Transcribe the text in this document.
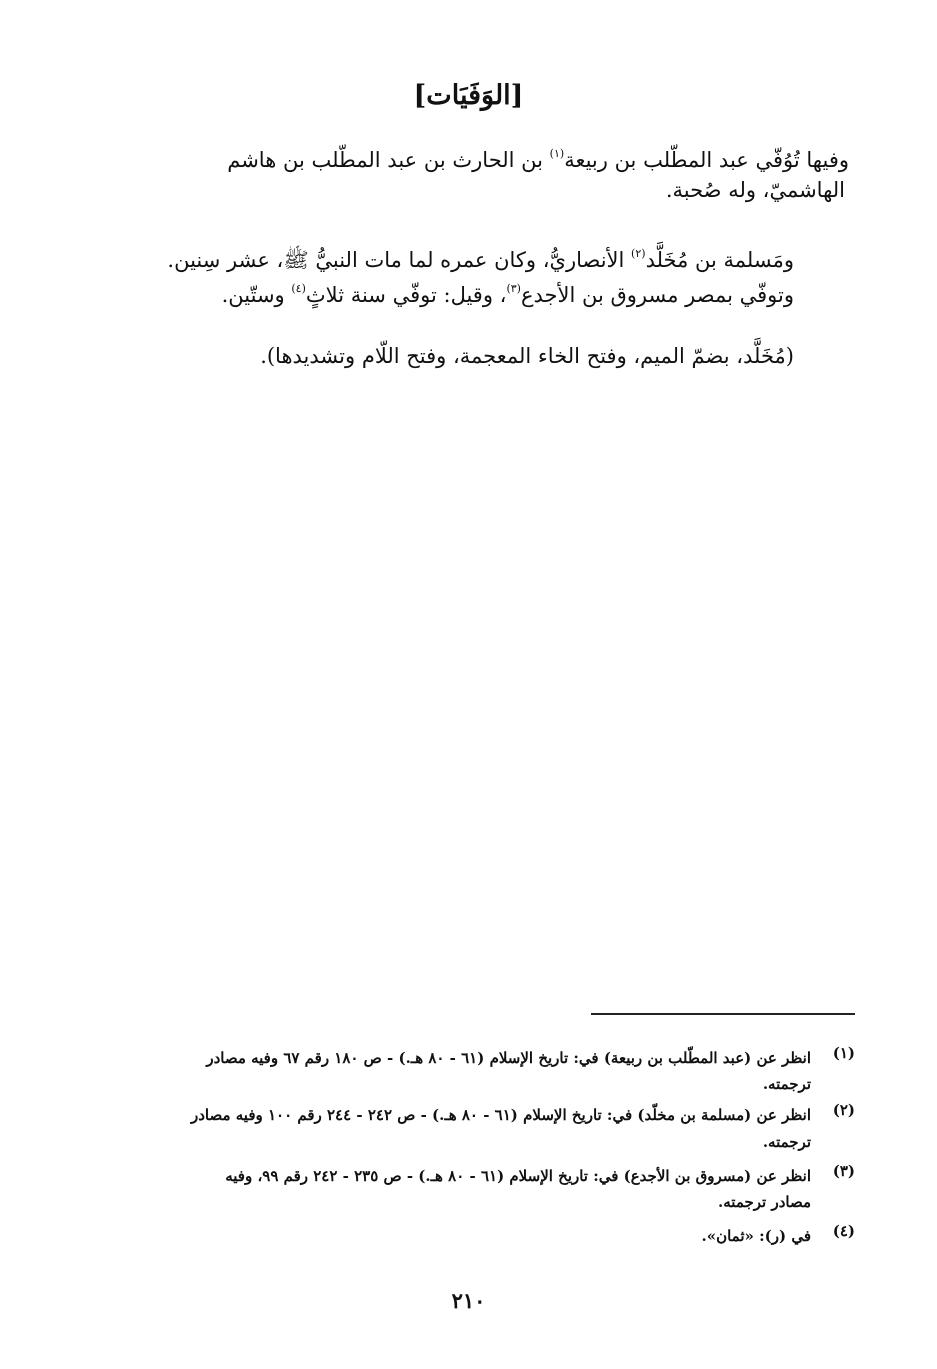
[الوَفَيَات]
وفيها تُوُفّي عبد المطّلب بن ربيعة$^{(١)}$ بن الحارث بن عبد المطّلب بن هاشم
الهاشميّ، وله صُحبة.
ومَسلمة بن مُخَلَّد$^{(٢)}$ الأنصاريُّ، وكان عمره لما مات النبيُّ ﷺ، عشر سِنين.
وتوفّي بمصر مسروق بن الأجدع$^{(٣)}$، وقيل: توفّي سنة ثلاثٍ$^{(٤)}$ وستّين.
(مُخَلَّد، بضمّ الميم، وفتح الخاء المعجمة، وفتح اللّام وتشديدها).
(١)
انظر عن (عبد المطّلب بن ربيعة) في: تاريخ الإسلام (٦١ - ٨٠ هـ.) - ص ١٨٠ رقم ٦٧ وفيه مصادر
ترجمته.
(٢)
انظر عن (مسلمة بن مخلّد) في: تاريخ الإسلام (٦١ - ٨٠ هـ.) - ص ٢٤٢ - ٢٤٤ رقم ١٠٠ وفيه مصادر
ترجمته.
(٣)
انظر عن (مسروق بن الأجدع) في: تاريخ الإسلام (٦١ - ٨٠ هـ.) - ص ٢٣٥ - ٢٤٢ رقم ٩٩، وفيه
مصادر ترجمته.
(٤)
في (ر): «ثمان».
٢١٠
